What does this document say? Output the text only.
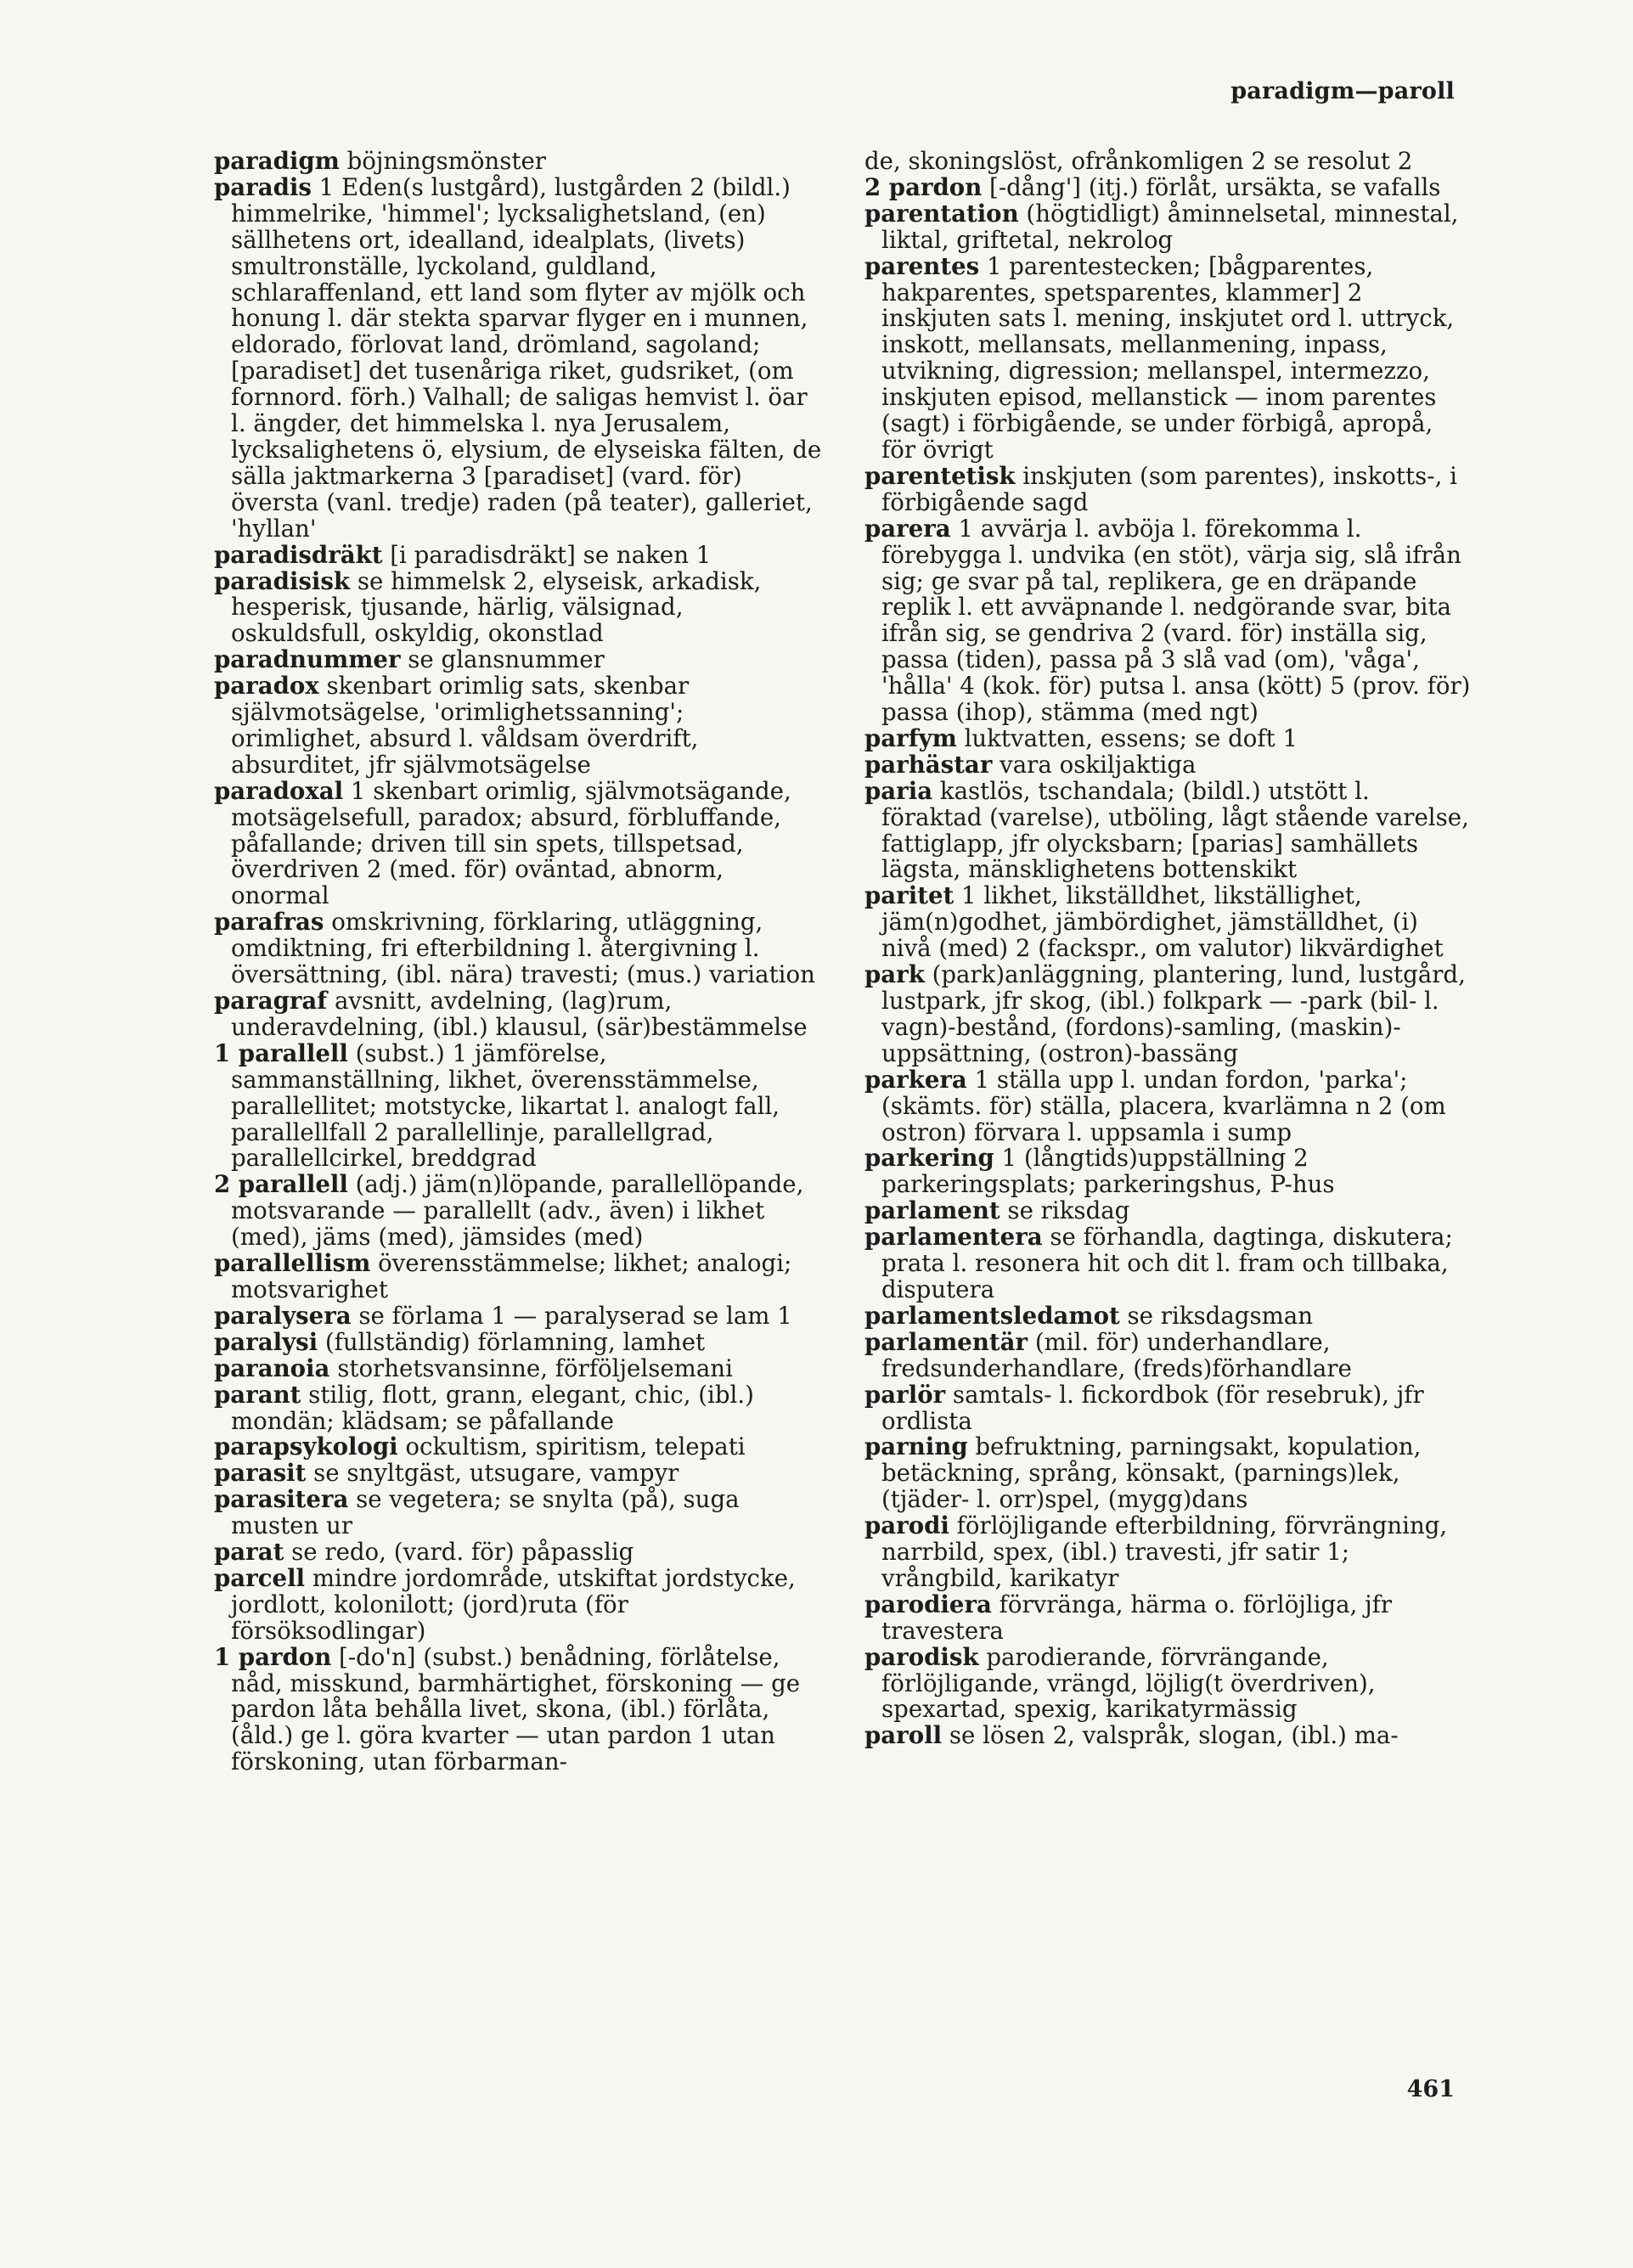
paradigm—paroll

paradigm böjningsmönster

paradis 1 Eden(s lustgård), lustgården 2 (bildl.) himmelrike, 'himmel'; lycksalighetsland, (en) sällhetens ort, idealland, idealplats, (livets) smultronställe, lyckoland, guldland, schlaraffenland, ett land som flyter av mjölk och honung l. där stekta sparvar flyger en i munnen, eldorado, förlovat land, drömland, sagoland; [paradiset] det tusenåriga riket, gudsriket, (om fornnord. förh.) Valhall; de saligas hemvist l. öar l. ängder, det himmelska l. nya Jerusalem, lycksalighetens ö, elysium, de elyseiska fälten, de sälla jaktmarkerna 3 [paradiset] (vard. för) översta (vanl. tredje) raden (på teater), galleriet, 'hyllan'

paradisdräkt [i paradisdräkt] se naken 1

paradisisk se himmelsk 2, elyseisk, arkadisk, hesperisk, tjusande, härlig, välsignad, oskuldsfull, oskyldig, okonstlad

paradnummer se glansnummer

paradox skenbart orimlig sats, skenbar självmotsägelse, 'orimlighetssanning'; orimlighet, absurd l. våldsam överdrift, absurditet, jfr självmotsägelse

paradoxal 1 skenbart orimlig, självmotsägande, motsägelsefull, paradox; absurd, förbluffande, påfallande; driven till sin spets, tillspetsad, överdriven 2 (med. för) oväntad, abnorm, onormal

parafras omskrivning, förklaring, utläggning, omdiktning, fri efterbildning l. återgivning l. översättning, (ibl. nära) travesti; (mus.) variation

paragraf avsnitt, avdelning, (lag)rum, underavdelning, (ibl.) klausul, (sär)bestämmelse

1 parallell (subst.) 1 jämförelse, sammanställning, likhet, överensstämmelse, parallellitet; motstycke, likartat l. analogt fall, parallellfall 2 parallellinje, parallellgrad, parallellcirkel, breddgrad

2 parallell (adj.) jäm(n)löpande, parallellöpande, motsvarande — parallellt (adv., även) i likhet (med), jäms (med), jämsides (med)

parallellism överensstämmelse; likhet; analogi; motsvarighet

paralysera se förlama 1 — paralyserad se lam 1

paralysi (fullständig) förlamning, lamhet

paranoia storhetsvansinne, förföljelsemani

parant stilig, flott, grann, elegant, chic, (ibl.) mondän; klädsam; se påfallande

parapsykologi ockultism, spiritism, telepati

parasit se snyltgäst, utsugare, vampyr

parasitera se vegetera; se snylta (på), suga musten ur

parat se redo, (vard. för) påpasslig

parcell mindre jordområde, utskiftat jordstycke, jordlott, kolonilott; (jord)ruta (för försöksodlingar)

1 pardon [-do'n] (subst.) benådning, förlåtelse, nåd, misskund, barmhärtighet, förskoning — ge pardon låta behålla livet, skona, (ibl.) förlåta, (åld.) ge l. göra kvarter — utan pardon 1 utan förskoning, utan förbarman-

de, skoningslöst, ofrånkomligen 2 se resolut 2

2 pardon [-dång'] (itj.) förlåt, ursäkta, se vafalls

parentation (högtidligt) åminnelsetal, minnestal, liktal, griftetal, nekrolog

parentes 1 parentestecken; [bågparentes, hakparentes, spetsparentes, klammer] 2 inskjuten sats l. mening, inskjutet ord l. uttryck, inskott, mellansats, mellanmening, inpass, utvikning, digression; mellanspel, intermezzo, inskjuten episod, mellanstick — inom parentes (sagt) i förbigående, se under förbigå, apropå, för övrigt

parentetisk inskjuten (som parentes), inskotts-, i förbigående sagd

parera 1 avvärja l. avböja l. förekomma l. förebygga l. undvika (en stöt), värja sig, slå ifrån sig; ge svar på tal, replikera, ge en dräpande replik l. ett avväpnande l. nedgörande svar, bita ifrån sig, se gendriva 2 (vard. för) inställa sig, passa (tiden), passa på 3 slå vad (om), 'våga', 'hålla' 4 (kok. för) putsa l. ansa (kött) 5 (prov. för) passa (ihop), stämma (med ngt)

parfym luktvatten, essens; se doft 1

parhästar vara oskiljaktiga

paria kastlös, tschandala; (bildl.) utstött l. föraktad (varelse), utböling, lågt stående varelse, fattiglapp, jfr olycksbarn; [parias] samhällets lägsta, mänsklighetens bottenskikt

paritet 1 likhet, likställdhet, likställighet, jäm(n)godhet, jämbördighet, jämställdhet, (i) nivå (med) 2 (fackspr., om valutor) likvärdighet

park (park)anläggning, plantering, lund, lustgård, lustpark, jfr skog, (ibl.) folkpark — -park (bil- l. vagn)-bestånd, (fordons)-samling, (maskin)-uppsättning, (ostron)-bassäng

parkera 1 ställa upp l. undan fordon, 'parka'; (skämts. för) ställa, placera, kvarlämna n 2 (om ostron) förvara l. uppsamla i sump

parkering 1 (långtids)uppställning 2 parkeringsplats; parkeringshus, P-hus

parlament se riksdag

parlamentera se förhandla, dagtinga, diskutera; prata l. resonera hit och dit l. fram och tillbaka, disputera

parlamentsledamot se riksdagsman

parlamentär (mil. för) underhandlare, fredsunderhandlare, (freds)förhandlare

parlör samtals- l. fickordbok (för resebruk), jfr ordlista

parning befruktning, parningsakt, kopulation, betäckning, språng, könsakt, (parnings)lek, (tjäder- l. orr)spel, (mygg)dans

parodi förlöjligande efterbildning, förvrängning, narrbild, spex, (ibl.) travesti, jfr satir 1; vrångbild, karikatyr

parodiera förvränga, härma o. förlöjliga, jfr travestera

parodisk parodierande, förvrängande, förlöjligande, vrängd, löjlig(t överdriven), spexartad, spexig, karikatyrmässig

paroll se lösen 2, valspråk, slogan, (ibl.) ma-

461
